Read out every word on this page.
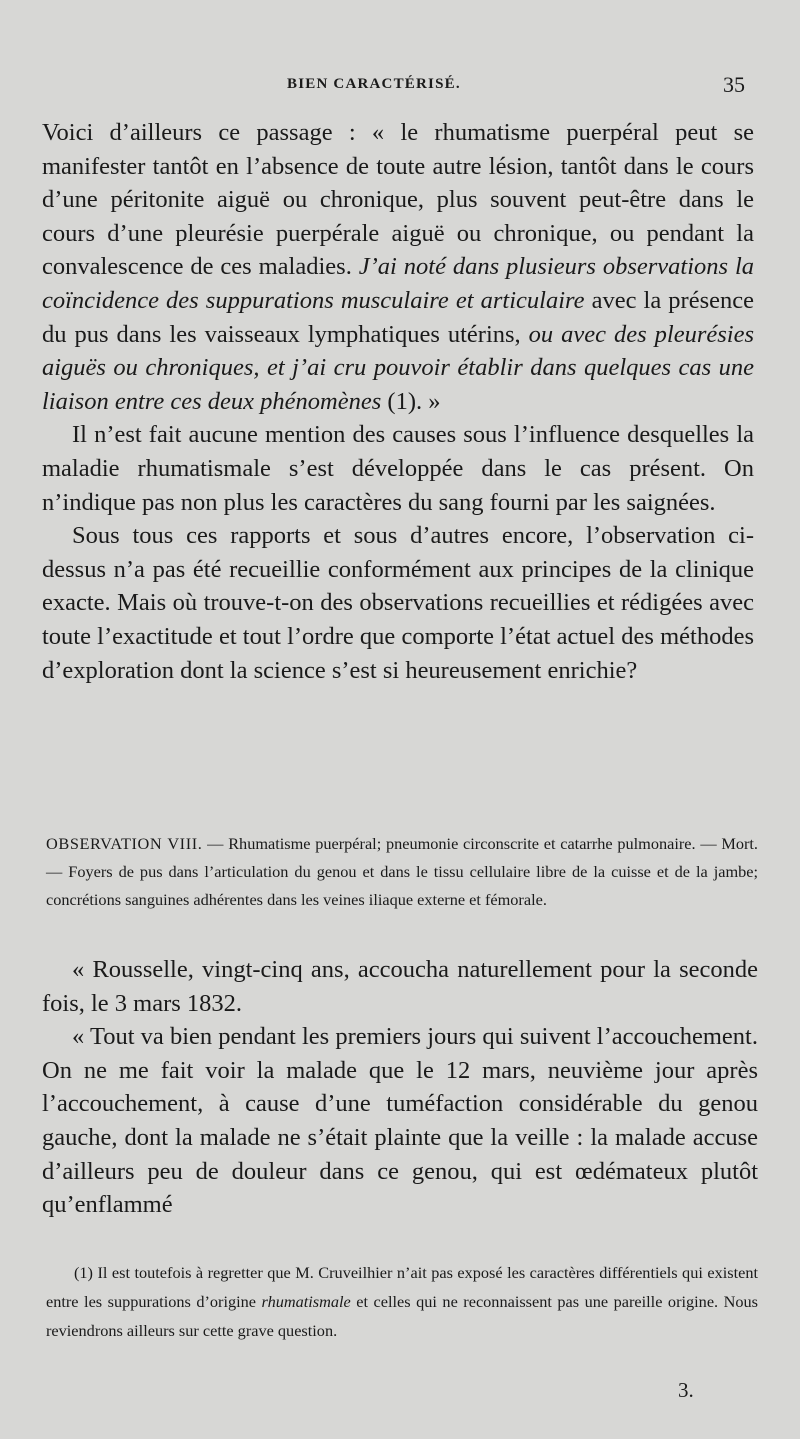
BIEN CARACTÉRISÉ.	35

Voici d’ailleurs ce passage : « le rhumatisme puerpéral peut se manifester tantôt en l’absence de toute autre lésion, tantôt dans le cours d’une péritonite aiguë ou chronique, plus souvent peut-être dans le cours d’une pleurésie puerpérale aiguë ou chronique, ou pendant la convalescence de ces maladies. J’ai noté dans plusieurs observations la coïncidence des suppurations musculaire et articulaire avec la présence du pus dans les vaisseaux lymphatiques utérins, ou avec des pleurésies aiguës ou chroniques, et j’ai cru pouvoir établir dans quelques cas une liaison entre ces deux phénomènes (1). »

Il n’est fait aucune mention des causes sous l’influence desquelles la maladie rhumatismale s’est développée dans le cas présent. On n’indique pas non plus les caractères du sang fourni par les saignées.

Sous tous ces rapports et sous d’autres encore, l’observation ci-dessus n’a pas été recueillie conformément aux principes de la clinique exacte. Mais où trouve-t-on des observations recueillies et rédigées avec toute l’exactitude et tout l’ordre que comporte l’état actuel des méthodes d’exploration dont la science s’est si heureusement enrichie?

OBSERVATION VIII. — Rhumatisme puerpéral; pneumonie circonscrite et catarrhe pulmonaire. — Mort. — Foyers de pus dans l’articulation du genou et dans le tissu cellulaire libre de la cuisse et de la jambe; concrétions sanguines adhérentes dans les veines iliaque externe et fémorale.

« Rousselle, vingt-cinq ans, accoucha naturellement pour la seconde fois, le 3 mars 1832.

« Tout va bien pendant les premiers jours qui suivent l’accouchement. On ne me fait voir la malade que le 12 mars, neuvième jour après l’accouchement, à cause d’une tuméfaction considérable du genou gauche, dont la malade ne s’était plainte que la veille : la malade accuse d’ailleurs peu de douleur dans ce genou, qui est œdémateux plutôt qu’enflammé

(1) Il est toutefois à regretter que M. Cruveilhier n’ait pas exposé les caractères différentiels qui existent entre les suppurations d’origine rhumatismale et celles qui ne reconnaissent pas une pareille origine. Nous reviendrons ailleurs sur cette grave question.

3.
